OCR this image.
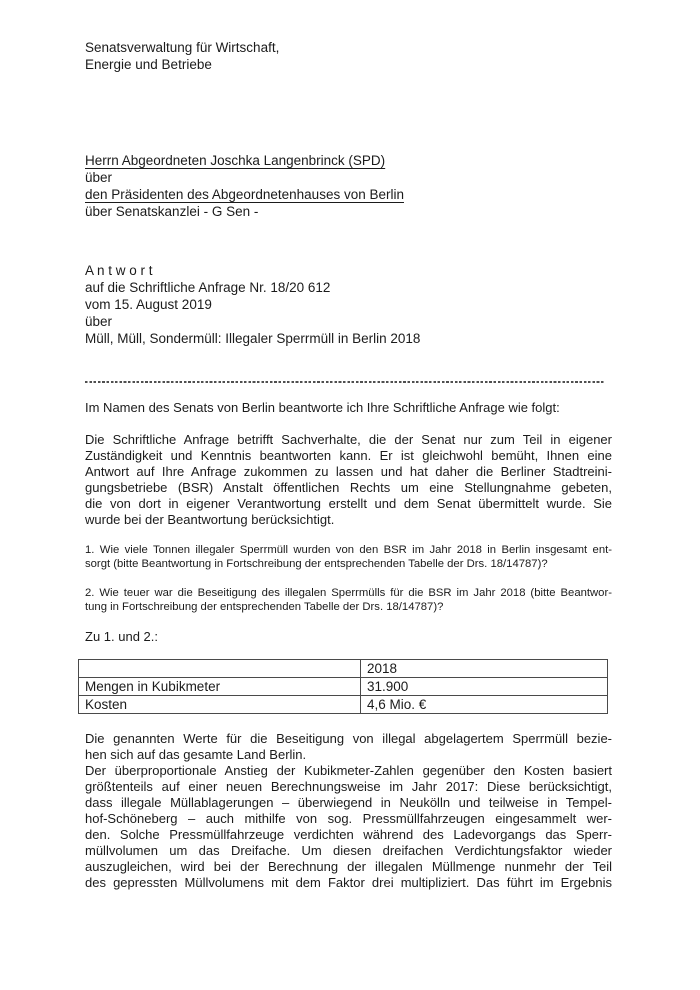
Senatsverwaltung für Wirtschaft,
Energie und Betriebe
Herrn Abgeordneten Joschka Langenbrinck (SPD)
über
den Präsidenten des Abgeordnetenhauses von Berlin
über Senatskanzlei - G Sen -
A n t w o r t
auf die Schriftliche Anfrage Nr. 18/20 612
vom 15. August 2019
über
Müll, Müll, Sondermüll: Illegaler Sperrmüll in Berlin 2018
Im Namen des Senats von Berlin beantworte ich Ihre Schriftliche Anfrage wie folgt:
Die Schriftliche Anfrage betrifft Sachverhalte, die der Senat nur zum Teil in eigener
Zuständigkeit und Kenntnis beantworten kann. Er ist gleichwohl bemüht, Ihnen eine
Antwort auf Ihre Anfrage zukommen zu lassen und hat daher die Berliner Stadtreini-
gungsbetriebe (BSR) Anstalt öffentlichen Rechts um eine Stellungnahme gebeten,
die von dort in eigener Verantwortung erstellt und dem Senat übermittelt wurde. Sie
wurde bei der Beantwortung berücksichtigt.
1. Wie viele Tonnen illegaler Sperrmüll wurden von den BSR im Jahr 2018 in Berlin insgesamt ent-
sorgt (bitte Beantwortung in Fortschreibung der entsprechenden Tabelle der Drs. 18/14787)?
2. Wie teuer war die Beseitigung des illegalen Sperrmülls für die BSR im Jahr 2018 (bitte Beantwor-
tung in Fortschreibung der entsprechenden Tabelle der Drs. 18/14787)?
Zu 1. und 2.:
	2018
Mengen in Kubikmeter	31.900
Kosten	4,6 Mio. €
Die genannten Werte für die Beseitigung von illegal abgelagertem Sperrmüll bezie-
hen sich auf das gesamte Land Berlin.
Der überproportionale Anstieg der Kubikmeter-Zahlen gegenüber den Kosten basiert
größtenteils auf einer neuen Berechnungsweise im Jahr 2017: Diese berücksichtigt,
dass illegale Müllablagerungen – überwiegend in Neukölln und teilweise in Tempel-
hof-Schöneberg – auch mithilfe von sog. Pressmüllfahrzeugen eingesammelt wer-
den. Solche Pressmüllfahrzeuge verdichten während des Ladevorgangs das Sperr-
müllvolumen um das Dreifache. Um diesen dreifachen Verdichtungsfaktor wieder
auszugleichen, wird bei der Berechnung der illegalen Müllmenge nunmehr der Teil
des gepressten Müllvolumens mit dem Faktor drei multipliziert. Das führt im Ergebnis
